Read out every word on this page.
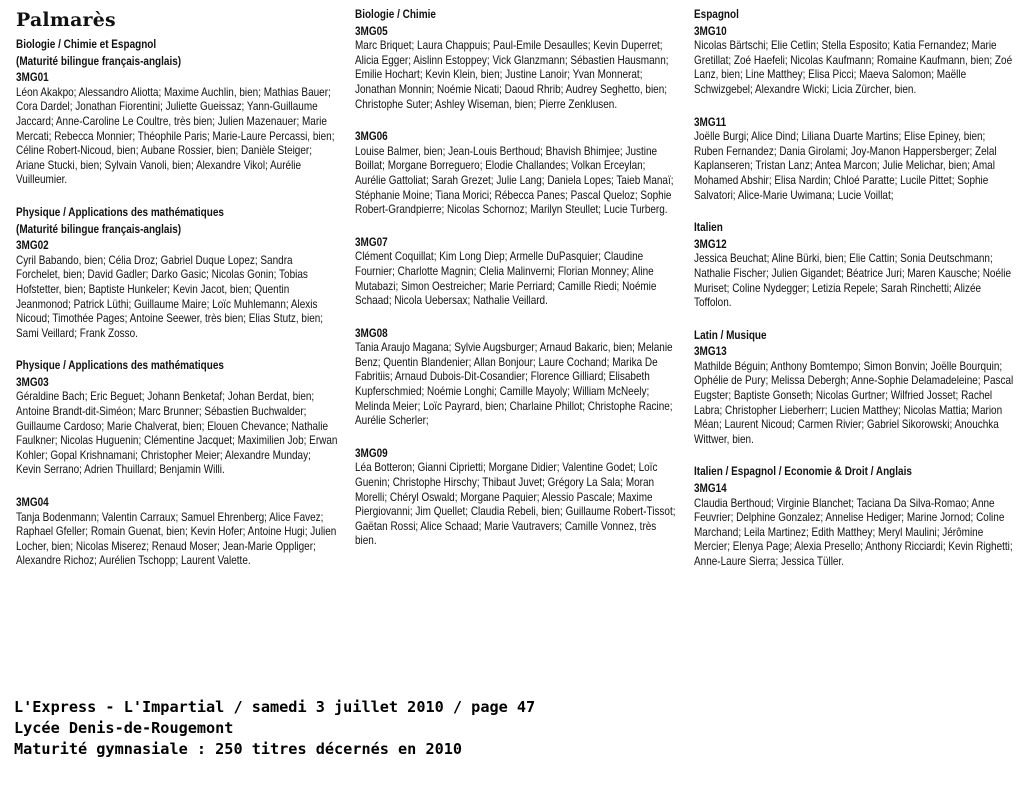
Palmarès
Biologie / Chimie et Espagnol
(Maturité bilingue français-anglais)
3MG01
Léon Akakpo; Alessandro Aliotta; Maxime Auchlin, bien; Mathias Bauer; Cora Dardel; Jonathan Fiorentini; Juliette Gueissaz; Yann-Guillaume Jaccard; Anne-Caroline Le Coultre, très bien; Julien Mazenauer; Marie Mercati; Rebecca Monnier; Théophile Paris; Marie-Laure Percassi, bien; Céline Robert-Nicoud, bien; Aubane Rossier, bien; Danièle Steiger; Ariane Stucki, bien; Sylvain Vanoli, bien; Alexandre Vikol; Aurélie Vuilleumier.
Physique / Applications des mathématiques
(Maturité bilingue français-anglais)
3MG02
Cyril Babando, bien; Célia Droz; Gabriel Duque Lopez; Sandra Forchelet, bien; David Gadler; Darko Gasic; Nicolas Gonin; Tobias Hofstetter, bien; Baptiste Hunkeler; Kevin Jacot, bien; Quentin Jeanmonod; Patrick Lüthi; Guillaume Maire; Loïc Muhlemann; Alexis Nicoud; Timothée Pages; Antoine Seewer, très bien; Elias Stutz, bien; Sami Veillard; Frank Zosso.
Physique / Applications des mathématiques
3MG03
Géraldine Bach; Eric Beguet; Johann Benketaf; Johan Berdat, bien; Antoine Brandt-dit-Siméon; Marc Brunner; Sébastien Buchwalder; Guillaume Cardoso; Marie Chalverat, bien; Elouen Chevance; Nathalie Faulkner; Nicolas Huguenin; Clémentine Jacquet; Maximilien Job; Erwan Kohler; Gopal Krishnamani; Christopher Meier; Alexandre Munday; Kevin Serrano; Adrien Thuillard; Benjamin Willi.
3MG04
Tanja Bodenmann; Valentin Carraux; Samuel Ehrenberg; Alice Favez; Raphael Gfeller; Romain Guenat, bien; Kevin Hofer; Antoine Hugi; Julien Locher, bien; Nicolas Miserez; Renaud Moser; Jean-Marie Oppliger; Alexandre Richoz; Aurélien Tschopp; Laurent Valette.
Biologie / Chimie
3MG05
Marc Briquet; Laura Chappuis; Paul-Emile Desaulles; Kevin Duperret; Alicia Egger; Aislinn Estoppey; Vick Glanzmann; Sébastien Hausmann; Emilie Hochart; Kevin Klein, bien; Justine Lanoir; Yvan Monnerat; Jonathan Monnin; Noémie Nicati; Daoud Rhrib; Audrey Seghetto, bien; Christophe Suter; Ashley Wiseman, bien; Pierre Zenklusen.
3MG06
Louise Balmer, bien; Jean-Louis Berthoud; Bhavish Bhimjee; Justine Boillat; Morgane Borreguero; Elodie Challandes; Volkan Erceylan; Aurélie Gattoliat; Sarah Grezet; Julie Lang; Daniela Lopes; Taieb Manaï; Stéphanie Moine; Tiana Morici; Rébecca Panes; Pascal Queloz; Sophie Robert-Grandpierre; Nicolas Schornoz; Marilyn Steullet; Lucie Turberg.
3MG07
Clément Coquillat; Kim Long Diep; Armelle DuPasquier; Claudine Fournier; Charlotte Magnin; Clelia Malinverni; Florian Monney; Aline Mutabazi; Simon Oestreicher; Marie Perriard; Camille Riedi; Noémie Schaad; Nicola Uebersax; Nathalie Veillard.
3MG08
Tania Araujo Magana; Sylvie Augsburger; Arnaud Bakaric, bien; Melanie Benz; Quentin Blandenier; Allan Bonjour; Laure Cochand; Marika De Fabritiis; Arnaud Dubois-Dit-Cosandier; Florence Gilliard; Elisabeth Kupferschmied; Noémie Longhi; Camille Mayoly; William McNeely; Melinda Meier; Loïc Payrard, bien; Charlaine Phillot; Christophe Racine; Aurélie Scherler;
3MG09
Léa Botteron; Gianni Ciprietti; Morgane Didier; Valentine Godet; Loïc Guenin; Christophe Hirschy; Thibaut Juvet; Grégory La Sala; Moran Morelli; Chéryl Oswald; Morgane Paquier; Alessio Pascale; Maxime Piergiovanni; Jim Quellet; Claudia Rebeli, bien; Guillaume Robert-Tissot; Gaëtan Rossi; Alice Schaad; Marie Vautravers; Camille Vonnez, très bien.
Espagnol
3MG10
Nicolas Bärtschi; Elie Cetlin; Stella Esposito; Katia Fernandez; Marie Gretillat; Zoé Haefeli; Nicolas Kaufmann; Romaine Kaufmann, bien; Zoé Lanz, bien; Line Matthey; Elisa Picci; Maeva Salomon; Maëlle Schwizgebel; Alexandre Wicki; Licia Zürcher, bien.
3MG11
Joëlle Burgi; Alice Dind; Liliana Duarte Martins; Elise Epiney, bien; Ruben Fernandez; Dania Girolami; Joy-Manon Happersberger; Zelal Kaplanseren; Tristan Lanz; Antea Marcon; Julie Melichar, bien; Amal Mohamed Abshir; Elisa Nardin; Chloé Paratte; Lucile Pittet; Sophie Salvatori; Alice-Marie Uwimana; Lucie Voillat;
Italien
3MG12
Jessica Beuchat; Aline Bürki, bien; Elie Cattin; Sonia Deutschmann; Nathalie Fischer; Julien Gigandet; Béatrice Juri; Maren Kausche; Noélie Muriset; Coline Nydegger; Letizia Repele; Sarah Rinchetti; Alizée Toffolon.
Latin / Musique
3MG13
Mathilde Béguin; Anthony Bomtempo; Simon Bonvin; Joëlle Bourquin; Ophélie de Pury; Melissa Debergh; Anne-Sophie Delamadeleine; Pascal Eugster; Baptiste Gonseth; Nicolas Gurtner; Wilfried Josset; Rachel Labra; Christopher Lieberherr; Lucien Matthey; Nicolas Mattia; Marion Méan; Laurent Nicoud; Carmen Rivier; Gabriel Sikorowski; Anouchka Wittwer, bien.
Italien / Espagnol / Economie & Droit / Anglais
3MG14
Claudia Berthoud; Virginie Blanchet; Taciana Da Silva-Romao; Anne Feuvrier; Delphine Gonzalez; Annelise Hediger; Marine Jornod; Coline Marchand; Leila Martinez; Edith Matthey; Meryl Maulini; Jérômine Mercier; Elenya Page; Alexia Presello; Anthony Ricciardi; Kevin Righetti; Anne-Laure Sierra; Jessica Tüller.
L'Express - L'Impartial / samedi 3 juillet 2010 / page 47
Lycée Denis-de-Rougemont
Maturité gymnasiale : 250 titres décernés en 2010
